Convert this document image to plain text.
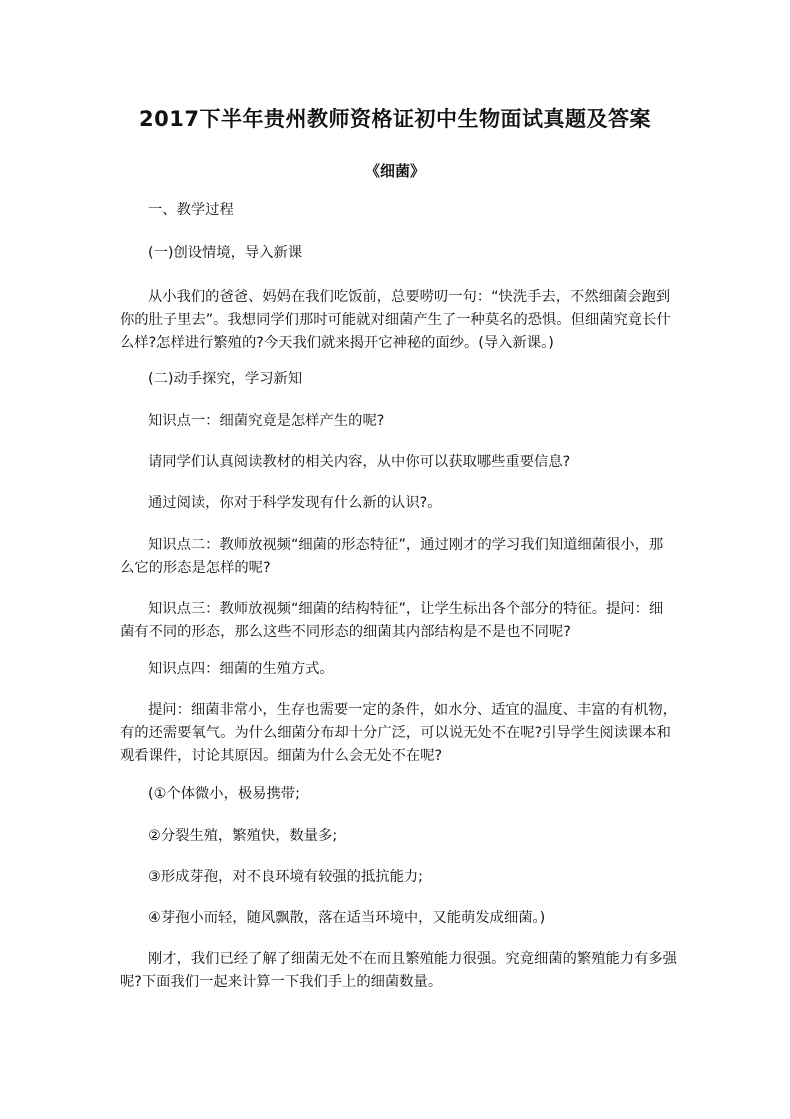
2017下半年贵州教师资格证初中生物面试真题及答案
《细菌》
一、教学过程
(一)创设情境，导入新课
从小我们的爸爸、妈妈在我们吃饭前，总要唠叨一句：“快洗手去，不然细菌会跑到
你的肚子里去”。我想同学们那时可能就对细菌产生了一种莫名的恐惧。但细菌究竟长什
么样?怎样进行繁殖的?今天我们就来揭开它神秘的面纱。(导入新课。)
(二)动手探究，学习新知
知识点一：细菌究竟是怎样产生的呢?
请同学们认真阅读教材的相关内容，从中你可以获取哪些重要信息?
通过阅读，你对于科学发现有什么新的认识?。
知识点二：教师放视频“细菌的形态特征”，通过刚才的学习我们知道细菌很小，那
么它的形态是怎样的呢?
知识点三：教师放视频“细菌的结构特征”，让学生标出各个部分的特征。提问：细
菌有不同的形态，那么这些不同形态的细菌其内部结构是不是也不同呢?
知识点四：细菌的生殖方式。
提问：细菌非常小，生存也需要一定的条件，如水分、适宜的温度、丰富的有机物，
有的还需要氧气。为什么细菌分布却十分广泛，可以说无处不在呢?引导学生阅读课本和
观看课件，讨论其原因。细菌为什么会无处不在呢?
(①个体微小，极易携带;
②分裂生殖，繁殖快，数量多;
③形成芽孢，对不良环境有较强的抵抗能力;
④芽孢小而轻，随风飘散，落在适当环境中，又能萌发成细菌。)
刚才，我们已经了解了细菌无处不在而且繁殖能力很强。究竟细菌的繁殖能力有多强
呢?下面我们一起来计算一下我们手上的细菌数量。
